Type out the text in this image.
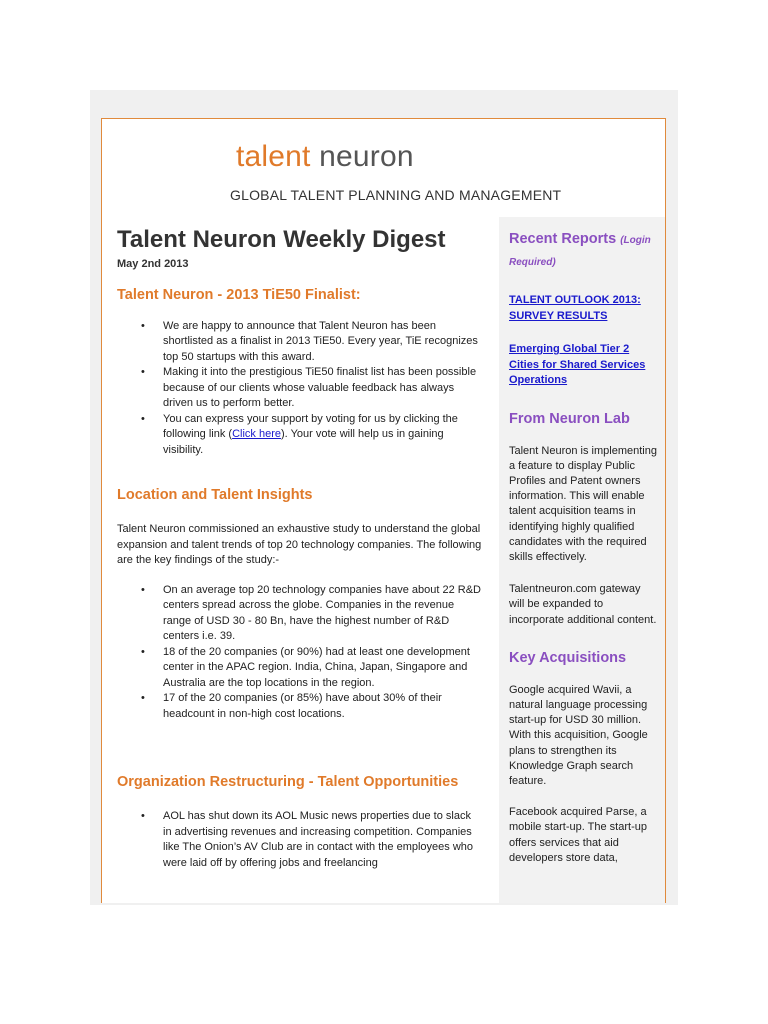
talent neuron
GLOBAL TALENT PLANNING AND MANAGEMENT
Talent Neuron Weekly Digest

May 2nd 2013

Talent Neuron - 2013 TiE50 Finalist:
• We are happy to announce that Talent Neuron has been shortlisted as a finalist in 2013 TiE50. Every year, TiE recognizes top 50 startups with this award.
• Making it into the prestigious TiE50 finalist list has been possible because of our clients whose valuable feedback has always driven us to perform better.
• You can express your support by voting for us by clicking the following link (Click here). Your vote will help us in gaining visibility.
Location and Talent Insights

Talent Neuron commissioned an exhaustive study to understand the global expansion and talent trends of top 20 technology companies. The following are the key findings of the study:-

• On an average top 20 technology companies have about 22 R&D centers spread across the globe. Companies in the revenue range of USD 30 - 80 Bn, have the highest number of R&D centers i.e. 39.
• 18 of the 20 companies (or 90%) had at least one development center in the APAC region. India, China, Japan, Singapore and Australia are the top locations in the region.
• 17 of the 20 companies (or 85%) have about 30% of their headcount in non-high cost locations.
Organization Restructuring - Talent Opportunities
• AOL has shut down its AOL Music news properties due to slack in advertising revenues and increasing competition. Companies like The Onion’s AV Club are in contact with the employees who were laid off by offering jobs and freelancing

Recent Reports (Login Required)

TALENT OUTLOOK 2013: SURVEY RESULTS
Emerging Global Tier 2 Cities for Shared Services Operations

From Neuron Lab

Talent Neuron is implementing a feature to display Public Profiles and Patent owners information. This will enable talent acquisition teams in identifying highly qualified candidates with the required skills effectively.

Talentneuron.com gateway will be expanded to incorporate additional content.

Key Acquisitions

Google acquired Wavii, a natural language processing start-up for USD 30 million. With this acquisition, Google plans to strengthen its Knowledge Graph search feature.

Facebook acquired Parse, a mobile start-up. The start-up offers services that aid developers store data,
